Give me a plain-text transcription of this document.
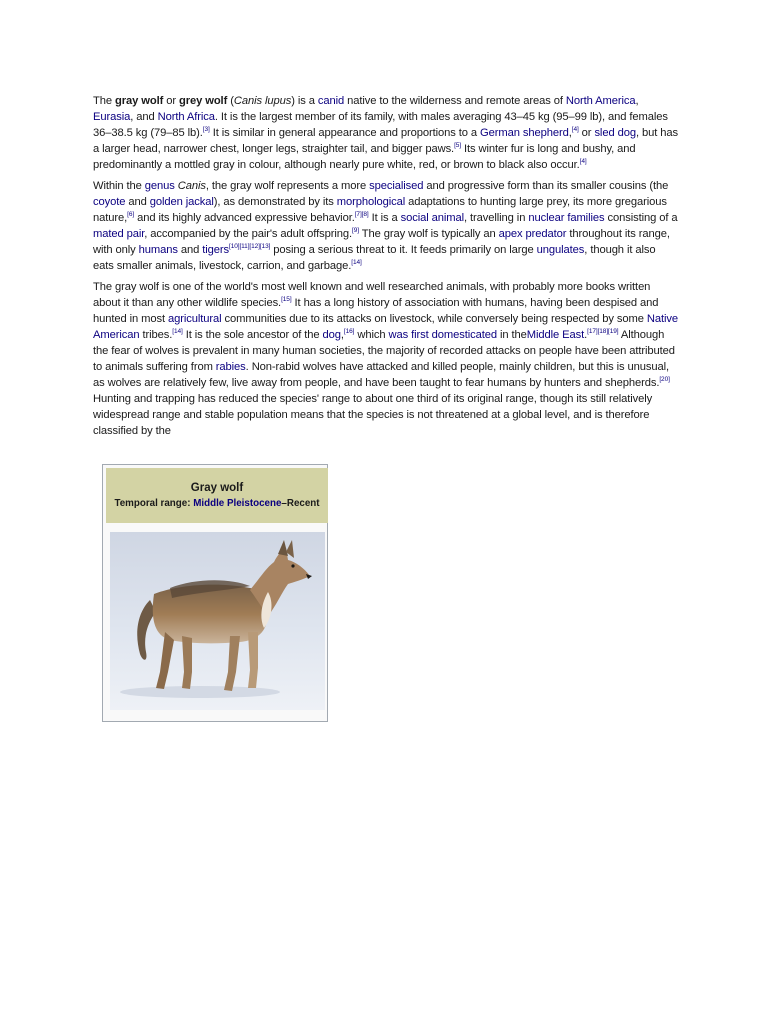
The gray wolf or grey wolf (Canis lupus) is a canid native to the wilderness and remote areas of North America, Eurasia, and North Africa. It is the largest member of its family, with males averaging 43–45 kg (95–99 lb), and females 36–38.5 kg (79–85 lb).[3] It is similar in general appearance and proportions to a German shepherd,[4] or sled dog, but has a larger head, narrower chest, longer legs, straighter tail, and bigger paws.[5] Its winter fur is long and bushy, and predominantly a mottled gray in colour, although nearly pure white, red, or brown to black also occur.[4]

Within the genus Canis, the gray wolf represents a more specialised and progressive form than its smaller cousins (the coyote and golden jackal), as demonstrated by its morphological adaptations to hunting large prey, its more gregarious nature,[6] and its highly advanced expressive behavior.[7][8] It is a social animal, travelling in nuclear families consisting of a mated pair, accompanied by the pair's adult offspring.[9] The gray wolf is typically an apex predator throughout its range, with only humans and tigers[10][11][12][13] posing a serious threat to it. It feeds primarily on large ungulates, though it also eats smaller animals, livestock, carrion, and garbage.[14]

The gray wolf is one of the world's most well known and well researched animals, with probably more books written about it than any other wildlife species.[15] It has a long history of association with humans, having been despised and hunted in most agricultural communities due to its attacks on livestock, while conversely being respected by some Native American tribes.[14] It is the sole ancestor of the dog,[16] which was first domesticated in theMiddle East.[17][18][19] Although the fear of wolves is prevalent in many human societies, the majority of recorded attacks on people have been attributed to animals suffering from rabies. Non-rabid wolves have attacked and killed people, mainly children, but this is unusual, as wolves are relatively few, live away from people, and have been taught to fear humans by hunters and shepherds.[20] Hunting and trapping has reduced the species' range to about one third of its original range, though its still relatively widespread range and stable population means that the species is not threatened at a global level, and is therefore classified by the

Gray wolf
Temporal range: Middle Pleistocene–Recent
